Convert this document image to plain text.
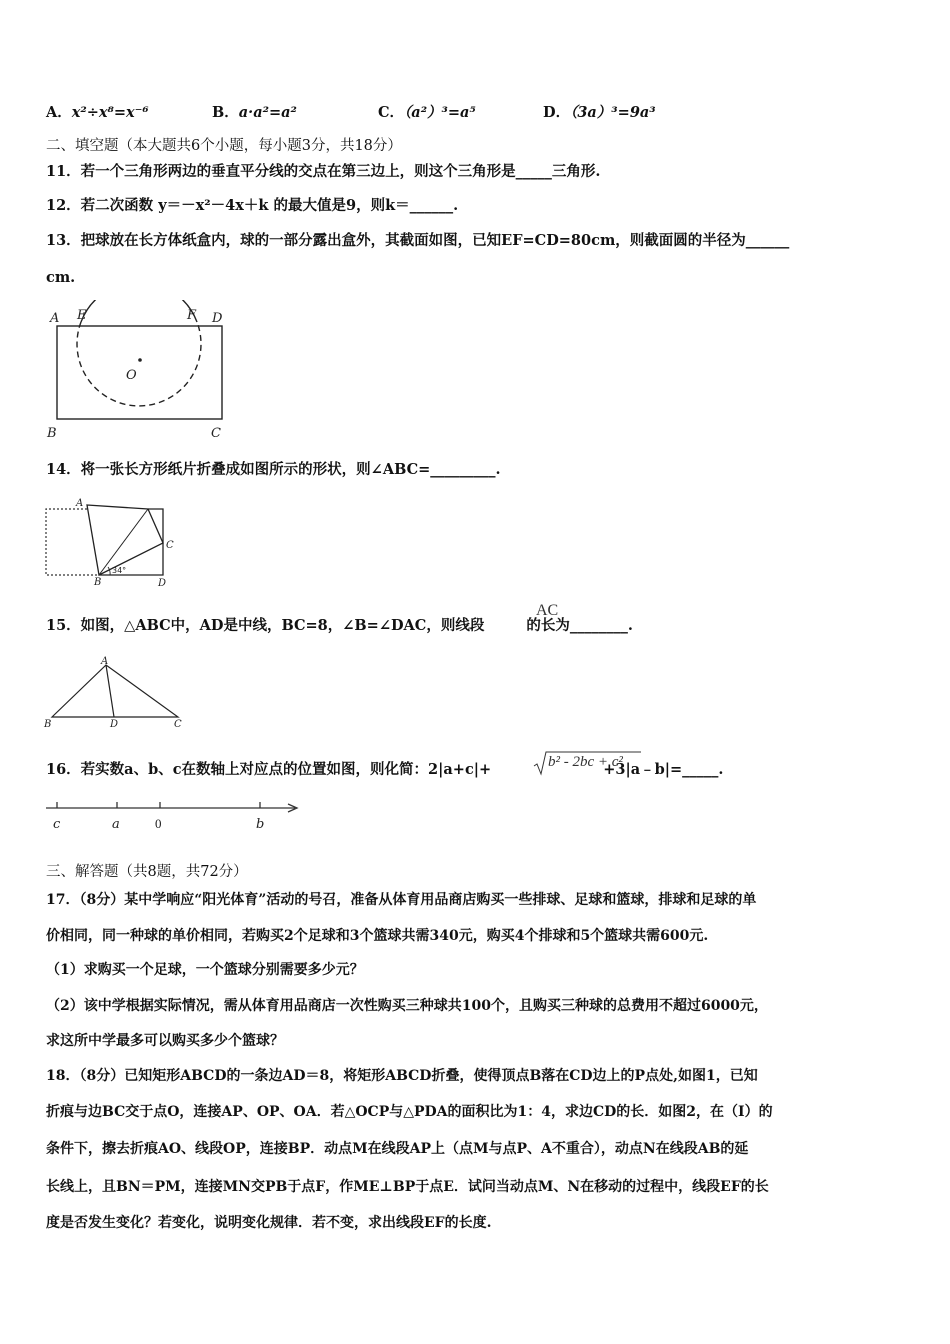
A．x²÷x⁸=x⁻⁶	B．a·a²=a²	C．（a²）³=a⁵	D．（3a）³=9a³
二、填空题（本大题共6个小题，每小题3分，共18分）
11．若一个三角形两边的垂直平分线的交点在第三边上，则这个三角形是_____三角形.
12．若二次函数 y＝－x²－4x＋k 的最大值是9，则k＝______.
13．把球放在长方体纸盒内，球的一部分露出盒外，其截面如图，已知EF=CD=80cm，则截面圆的半径为______
cm.
A E	F D
O
B	C
14．将一张长方形纸片折叠成如图所示的形状，则∠ABC=_________.
A
C
B	D
34°
15．如图，△ABC中，AD是中线，BC=8，∠B=∠DAC，则线段	的长为________.
AC
A
B	D	C
16．若实数a、b、c在数轴上对应点的位置如图，则化简：2|a+c|+	+3|a﹣b|=_____.
b² - 2bc + c²
c	a	0	b
三、解答题（共8题，共72分）
17．（8分）某中学响应“阳光体育”活动的号召，准备从体育用品商店购买一些排球、足球和篮球，排球和足球的单
价相同，同一种球的单价相同，若购买2个足球和3个篮球共需340元，购买4个排球和5个篮球共需600元.
（1）求购买一个足球，一个篮球分别需要多少元？
（2）该中学根据实际情况，需从体育用品商店一次性购买三种球共100个，且购买三种球的总费用不超过6000元，
求这所中学最多可以购买多少个篮球？
18．（8分）已知矩形ABCD的一条边AD＝8，将矩形ABCD折叠，使得顶点B落在CD边上的P点处,如图1，已知
折痕与边BC交于点O，连接AP、OP、OA．若△OCP与△PDA的面积比为1：4，求边CD的长．如图2，在（Ⅰ）的
条件下，擦去折痕AO、线段OP，连接BP．动点M在线段AP上（点M与点P、A不重合），动点N在线段AB的延
长线上，且BN＝PM，连接MN交PB于点F，作ME⊥BP于点E．试问当动点M、N在移动的过程中，线段EF的长
度是否发生变化？若变化，说明变化规律．若不变，求出线段EF的长度.
